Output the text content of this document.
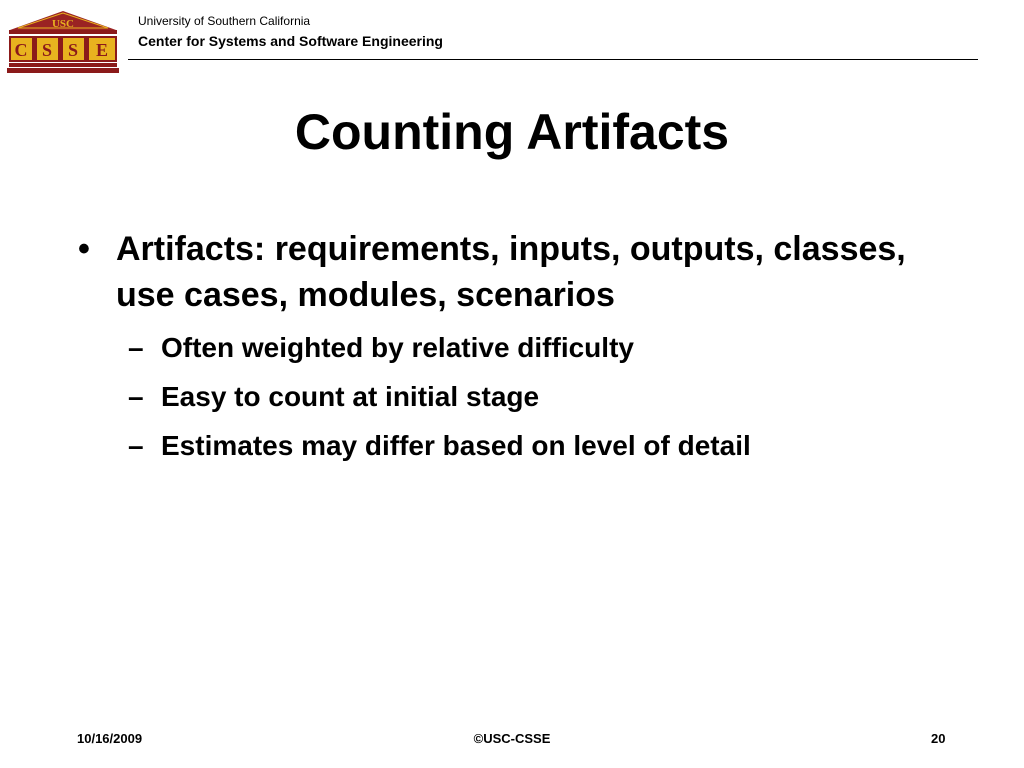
USC
C S S E
University of Southern California
Center for Systems and Software Engineering
Counting Artifacts
• Artifacts: requirements, inputs, outputs, classes, use cases, modules, scenarios
– Often weighted by relative difficulty
– Easy to count at initial stage
– Estimates may differ based on level of detail
10/16/2009	©USC-CSSE	20
